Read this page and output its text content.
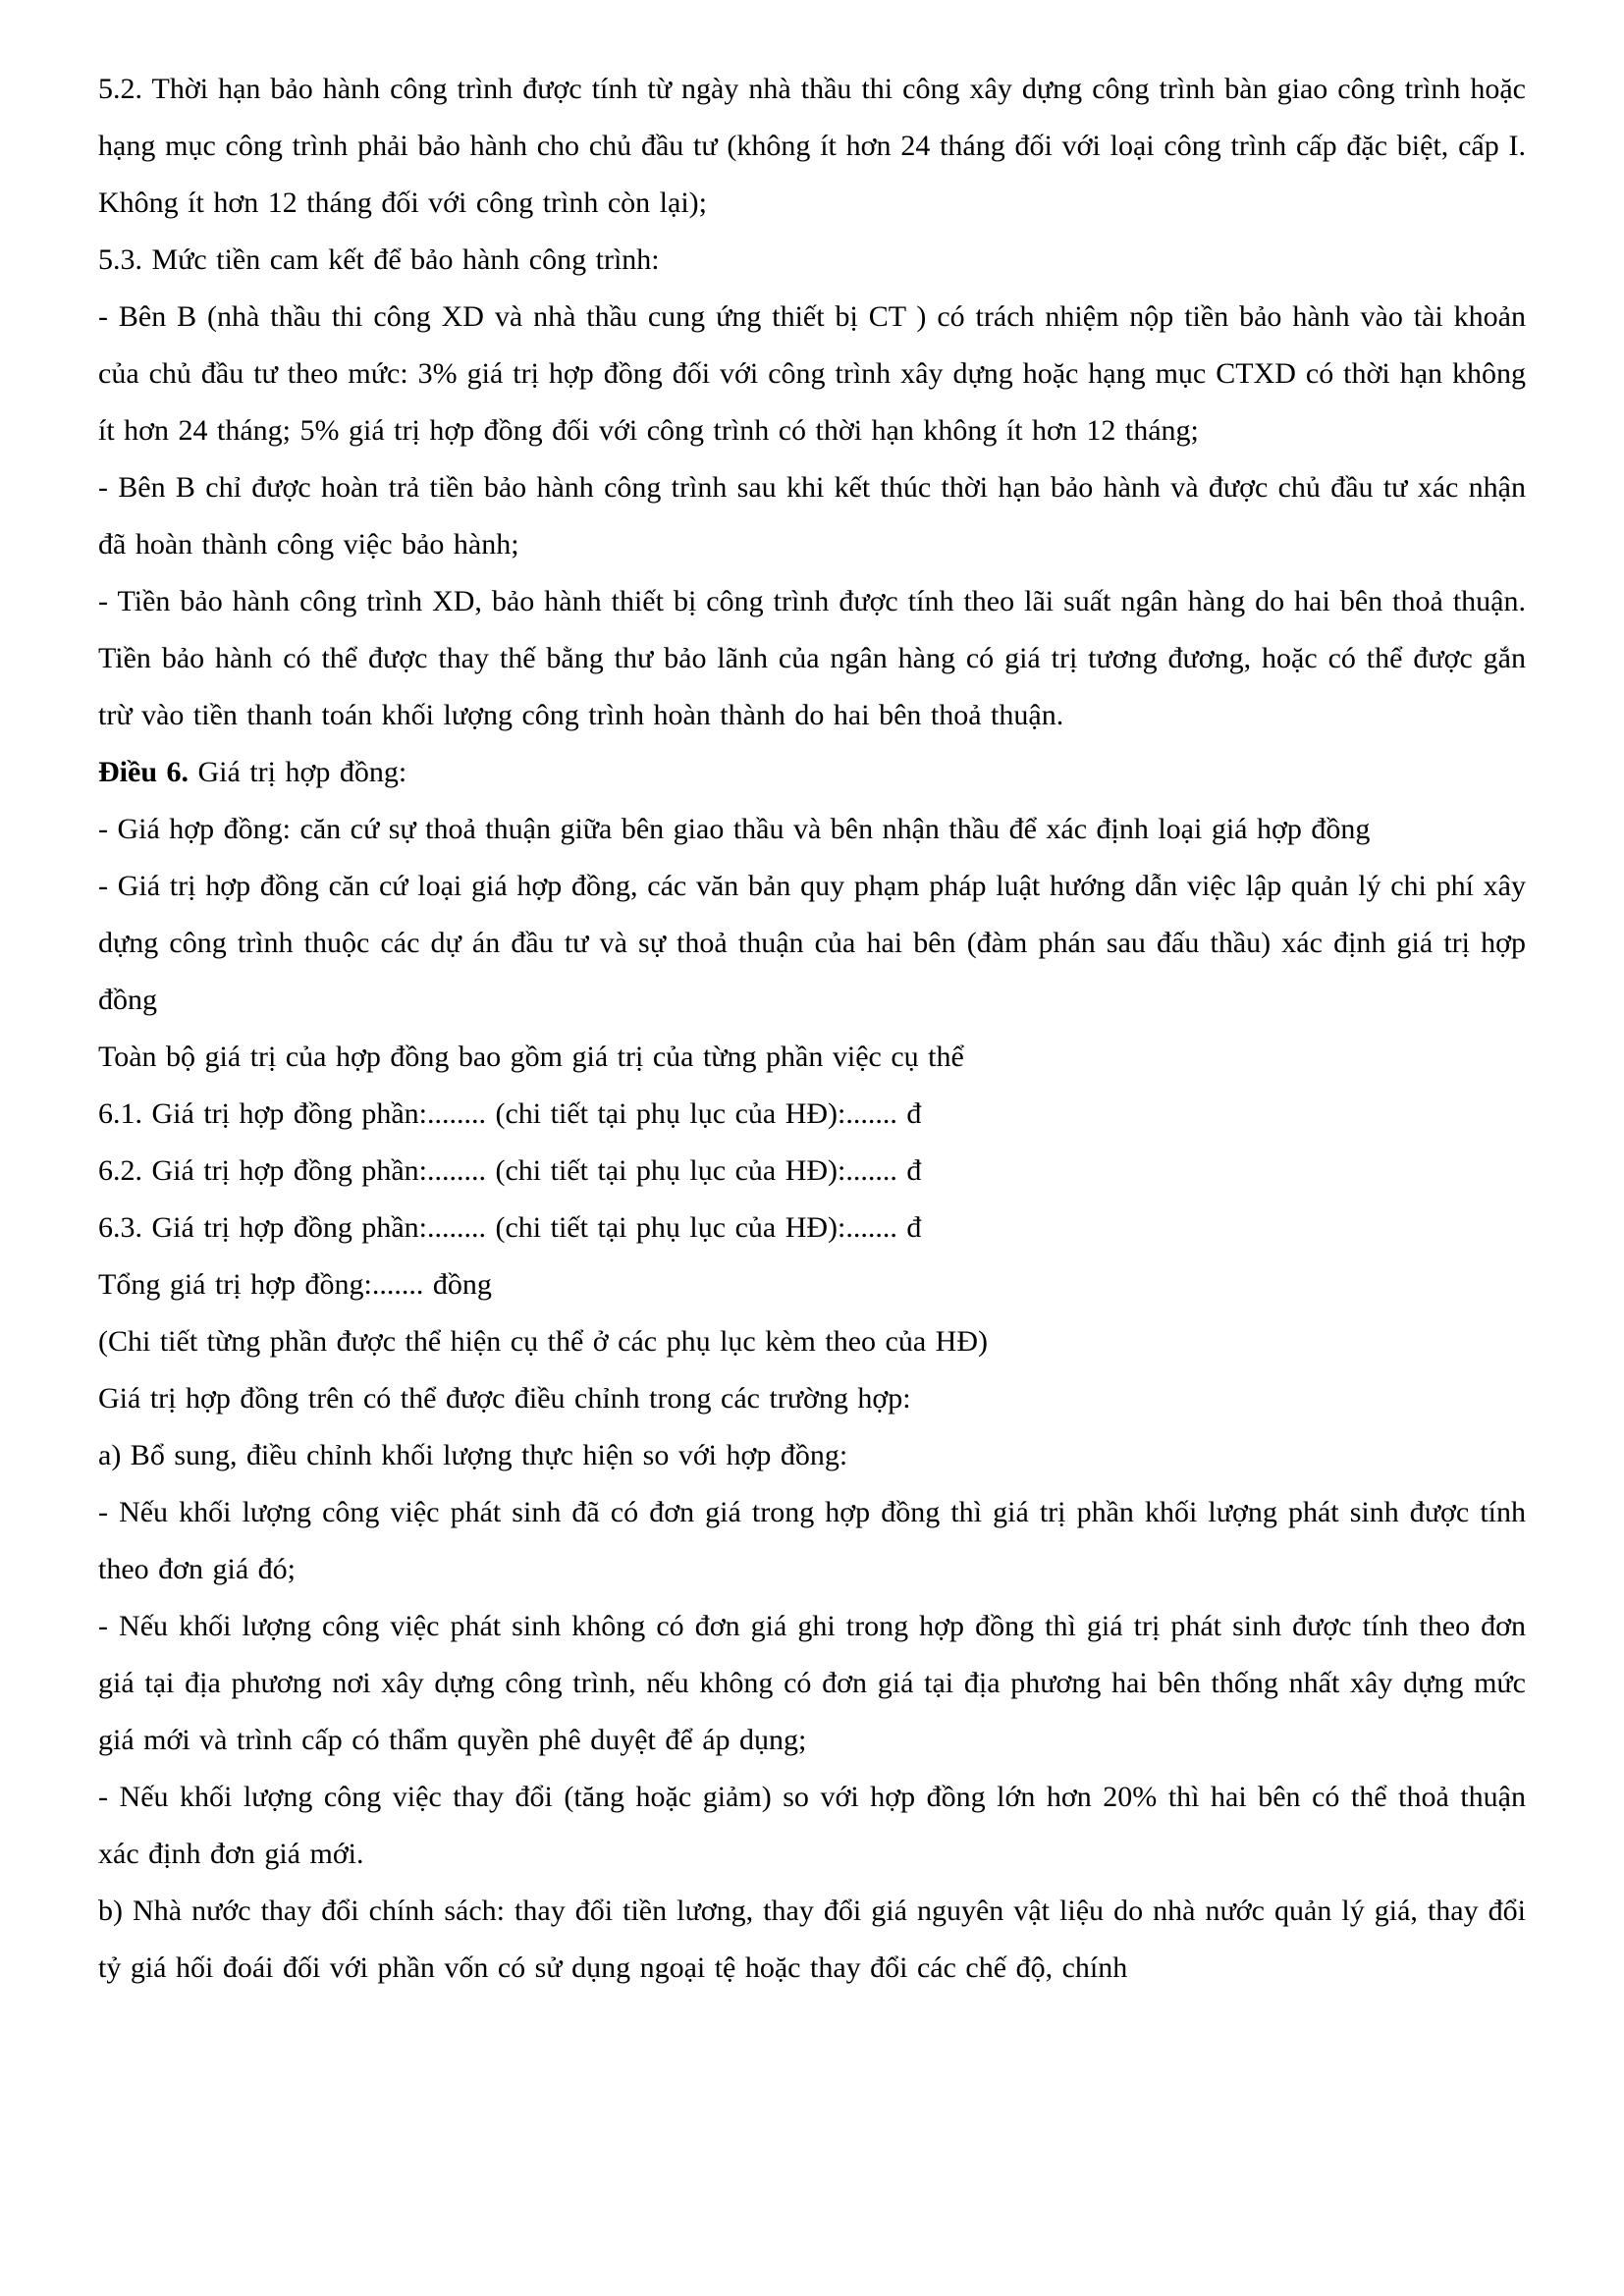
5.2. Thời hạn bảo hành công trình được tính từ ngày nhà thầu thi công xây dựng công trình bàn giao công trình hoặc hạng mục công trình phải bảo hành cho chủ đầu tư (không ít hơn 24 tháng đối với loại công trình cấp đặc biệt, cấp I. Không ít hơn 12 tháng đối với công trình còn lại);

5.3. Mức tiền cam kết để bảo hành công trình:

- Bên B (nhà thầu thi công XD và nhà thầu cung ứng thiết bị CT ) có trách nhiệm nộp tiền bảo hành vào tài khoản của chủ đầu tư theo mức: 3% giá trị hợp đồng đối với công trình xây dựng hoặc hạng mục CTXD có thời hạn không ít hơn 24 tháng; 5% giá trị hợp đồng đối với công trình có thời hạn không ít hơn 12 tháng;

- Bên B chỉ được hoàn trả tiền bảo hành công trình sau khi kết thúc thời hạn bảo hành và được chủ đầu tư xác nhận đã hoàn thành công việc bảo hành;

- Tiền bảo hành công trình XD, bảo hành thiết bị công trình được tính theo lãi suất ngân hàng do hai bên thoả thuận. Tiền bảo hành có thể được thay thế bằng thư bảo lãnh của ngân hàng có giá trị tương đương, hoặc có thể được gắn trừ vào tiền thanh toán khối lượng công trình hoàn thành do hai bên thoả thuận.

Điều 6. Giá trị hợp đồng:

- Giá hợp đồng: căn cứ sự thoả thuận giữa bên giao thầu và bên nhận thầu để xác định loại giá hợp đồng

- Giá trị hợp đồng căn cứ loại giá hợp đồng, các văn bản quy phạm pháp luật hướng dẫn việc lập quản lý chi phí xây dựng công trình thuộc các dự án đầu tư và sự thoả thuận của hai bên (đàm phán sau đấu thầu) xác định giá trị hợp đồng

Toàn bộ giá trị của hợp đồng bao gồm giá trị của từng phần việc cụ thể

6.1. Giá trị hợp đồng phần:........ (chi tiết tại phụ lục của HĐ):....... đ

6.2. Giá trị hợp đồng phần:........ (chi tiết tại phụ lục của HĐ):....... đ

6.3. Giá trị hợp đồng phần:........ (chi tiết tại phụ lục của HĐ):....... đ

Tổng giá trị hợp đồng:....... đồng

(Chi tiết từng phần được thể hiện cụ thể ở các phụ lục kèm theo của HĐ)

Giá trị hợp đồng trên có thể được điều chỉnh trong các trường hợp:

a) Bổ sung, điều chỉnh khối lượng thực hiện so với hợp đồng:

- Nếu khối lượng công việc phát sinh đã có đơn giá trong hợp đồng thì giá trị phần khối lượng phát sinh được tính theo đơn giá đó;

- Nếu khối lượng công việc phát sinh không có đơn giá ghi trong hợp đồng thì giá trị phát sinh được tính theo đơn giá tại địa phương nơi xây dựng công trình, nếu không có đơn giá tại địa phương hai bên thống nhất xây dựng mức giá mới và trình cấp có thẩm quyền phê duyệt để áp dụng;

- Nếu khối lượng công việc thay đổi (tăng hoặc giảm) so với hợp đồng lớn hơn 20% thì hai bên có thể thoả thuận xác định đơn giá mới.

b) Nhà nước thay đổi chính sách: thay đổi tiền lương, thay đổi giá nguyên vật liệu do nhà nước quản lý giá, thay đổi tỷ giá hối đoái đối với phần vốn có sử dụng ngoại tệ hoặc thay đổi các chế độ, chính
